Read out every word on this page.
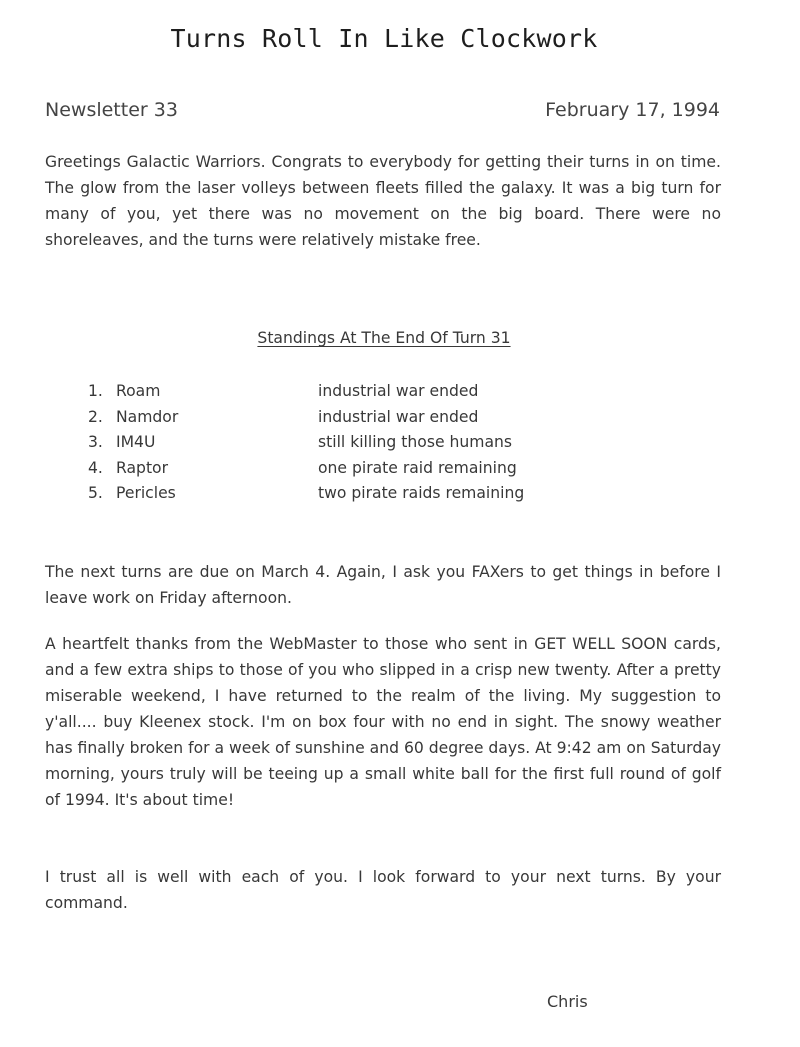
Turns Roll In Like Clockwork
Newsletter 33	February 17, 1994

Greetings Galactic Warriors. Congrats to everybody for getting their turns in on time. The glow from the laser volleys between fleets filled the galaxy. It was a big turn for many of you, yet there was no movement on the big board. There were no shoreleaves, and the turns were relatively mistake free.

Standings At The End Of Turn 31
1. Roam	industrial war ended
2. Namdor	industrial war ended
3. IM4U	still killing those humans
4. Raptor	one pirate raid remaining
5. Pericles	two pirate raids remaining

The next turns are due on March 4. Again, I ask you FAXers to get things in before I leave work on Friday afternoon.

A heartfelt thanks from the WebMaster to those who sent in GET WELL SOON cards, and a few extra ships to those of you who slipped in a crisp new twenty. After a pretty miserable weekend, I have returned to the realm of the living. My suggestion to y'all.... buy Kleenex stock. I'm on box four with no end in sight. The snowy weather has finally broken for a week of sunshine and 60 degree days. At 9:42 am on Saturday morning, yours truly will be teeing up a small white ball for the first full round of golf of 1994. It's about time!

I trust all is well with each of you. I look forward to your next turns. By your command.

Chris
